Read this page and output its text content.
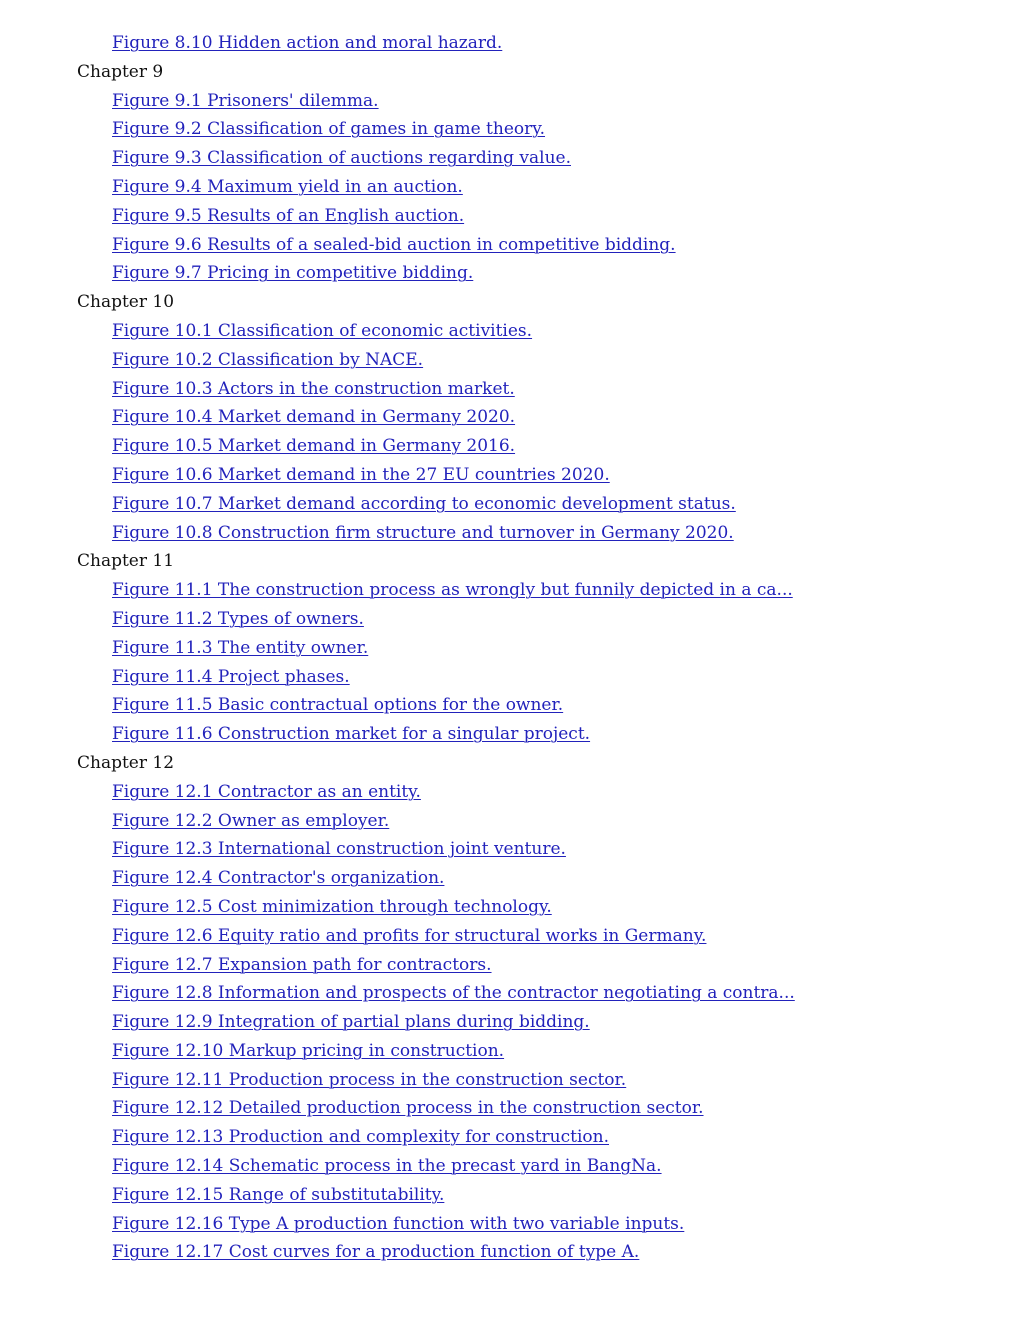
Figure 8.10 Hidden action and moral hazard.
Chapter 9
Figure 9.1 Prisoners' dilemma.
Figure 9.2 Classification of games in game theory.
Figure 9.3 Classification of auctions regarding value.
Figure 9.4 Maximum yield in an auction.
Figure 9.5 Results of an English auction.
Figure 9.6 Results of a sealed-bid auction in competitive bidding.
Figure 9.7 Pricing in competitive bidding.
Chapter 10
Figure 10.1 Classification of economic activities.
Figure 10.2 Classification by NACE.
Figure 10.3 Actors in the construction market.
Figure 10.4 Market demand in Germany 2020.
Figure 10.5 Market demand in Germany 2016.
Figure 10.6 Market demand in the 27 EU countries 2020.
Figure 10.7 Market demand according to economic development status.
Figure 10.8 Construction firm structure and turnover in Germany 2020.
Chapter 11
Figure 11.1 The construction process as wrongly but funnily depicted in a ca...
Figure 11.2 Types of owners.
Figure 11.3 The entity owner.
Figure 11.4 Project phases.
Figure 11.5 Basic contractual options for the owner.
Figure 11.6 Construction market for a singular project.
Chapter 12
Figure 12.1 Contractor as an entity.
Figure 12.2 Owner as employer.
Figure 12.3 International construction joint venture.
Figure 12.4 Contractor's organization.
Figure 12.5 Cost minimization through technology.
Figure 12.6 Equity ratio and profits for structural works in Germany.
Figure 12.7 Expansion path for contractors.
Figure 12.8 Information and prospects of the contractor negotiating a contra...
Figure 12.9 Integration of partial plans during bidding.
Figure 12.10 Markup pricing in construction.
Figure 12.11 Production process in the construction sector.
Figure 12.12 Detailed production process in the construction sector.
Figure 12.13 Production and complexity for construction.
Figure 12.14 Schematic process in the precast yard in BangNa.
Figure 12.15 Range of substitutability.
Figure 12.16 Type A production function with two variable inputs.
Figure 12.17 Cost curves for a production function of type A.
